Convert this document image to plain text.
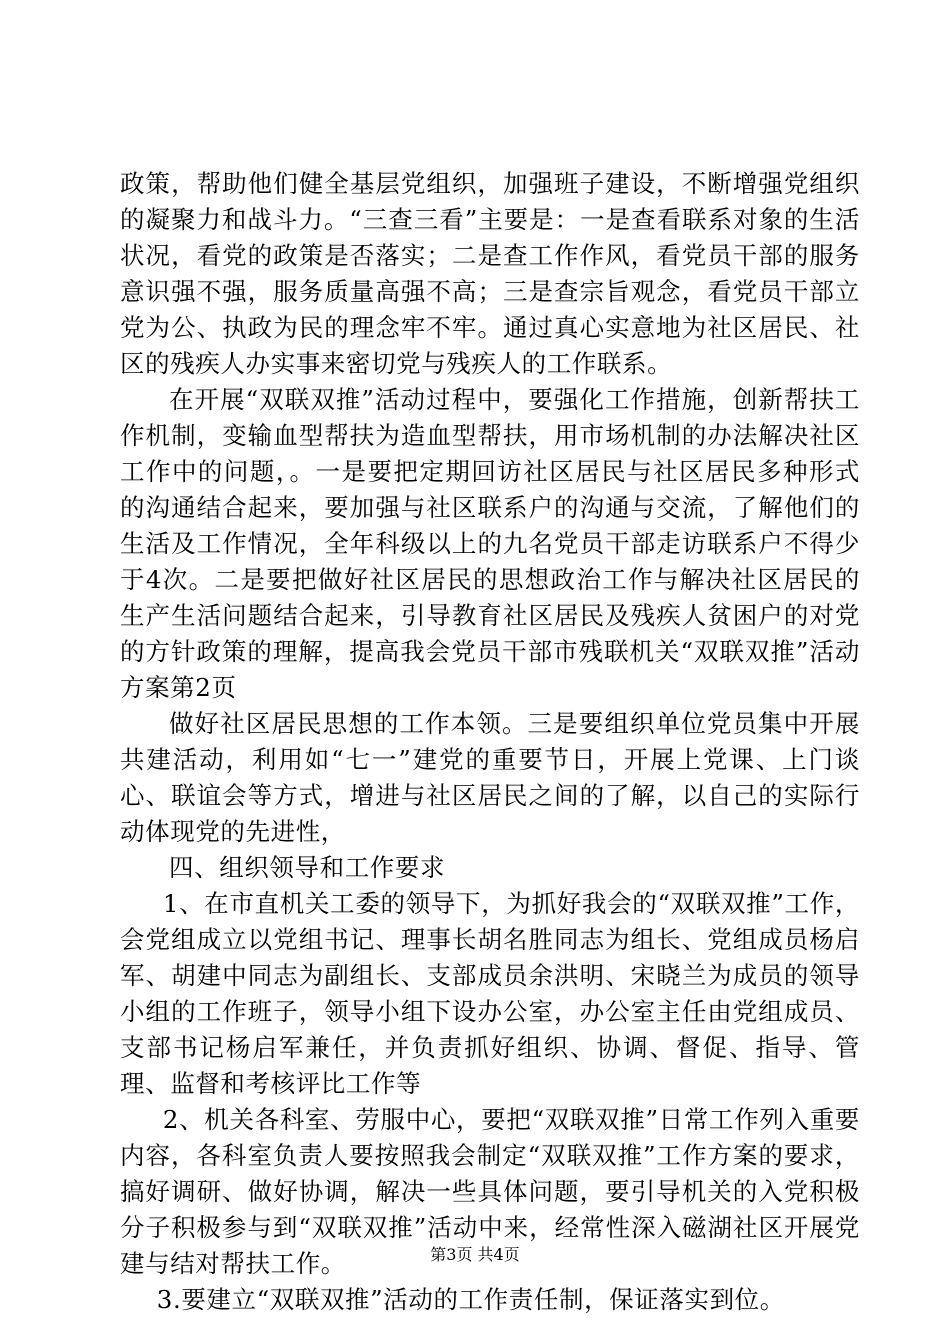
政策，帮助他们健全基层党组织，加强班子建设，不断增强党组织的凝聚力和战斗力。“三查三看”主要是：一是查看联系对象的生活状况，看党的政策是否落实；二是查工作作风，看党员干部的服务意识强不强，服务质量高强不高；三是查宗旨观念，看党员干部立党为公、执政为民的理念牢不牢。通过真心实意地为社区居民、社区的残疾人办实事来密切党与残疾人的工作联系。

在开展“双联双推”活动过程中，要强化工作措施，创新帮扶工作机制，变输血型帮扶为造血型帮扶，用市场机制的办法解决社区工作中的问题，。一是要把定期回访社区居民与社区居民多种形式的沟通结合起来，要加强与社区联系户的沟通与交流，了解他们的生活及工作情况，全年科级以上的九名党员干部走访联系户不得少于4次。二是要把做好社区居民的思想政治工作与解决社区居民的生产生活问题结合起来，引导教育社区居民及残疾人贫困户的对党的方针政策的理解，提高我会党员干部市残联机关“双联双推”活动方案第2页

做好社区居民思想的工作本领。三是要组织单位党员集中开展共建活动，利用如“七一”建党的重要节日，开展上党课、上门谈心、联谊会等方式，增进与社区居民之间的了解，以自己的实际行动体现党的先进性，

四、组织领导和工作要求

1、在市直机关工委的领导下，为抓好我会的“双联双推”工作，会党组成立以党组书记、理事长胡名胜同志为组长、党组成员杨启军、胡建中同志为副组长、支部成员余洪明、宋晓兰为成员的领导小组的工作班子，领导小组下设办公室，办公室主任由党组成员、支部书记杨启军兼任，并负责抓好组织、协调、督促、指导、管理、监督和考核评比工作等

2、机关各科室、劳服中心，要把“双联双推”日常工作列入重要内容，各科室负责人要按照我会制定“双联双推”工作方案的要求，搞好调研、做好协调，解决一些具体问题，要引导机关的入党积极分子积极参与到“双联双推”活动中来，经常性深入磁湖社区开展党建与结对帮扶工作。

3.要建立“双联双推”活动的工作责任制，保证落实到位。

第3页 共4页
